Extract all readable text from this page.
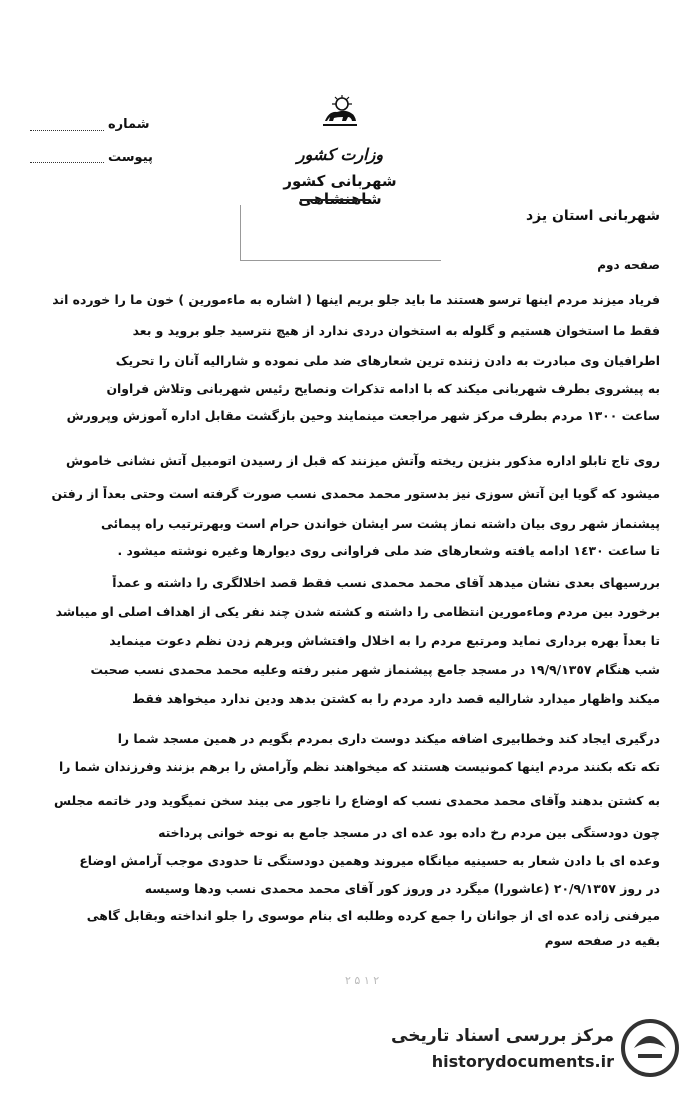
وزارت کشور
شهربانی کشور شاهنشاهی
شماره
پیوست
شهربانی استان یزد
صفحه دوم
فریاد میزند مردم اینها ترسو هستند ما باید جلو بریم اینها ( اشاره به ماءمورین ) خون ما را خورده اند
فقط ما استخوان هستیم و گلوله به استخوان دردی ندارد از هیچ نترسید جلو بروید و بعد
اطرافیان وی مبادرت به دادن زننده ترین شعارهای ضد ملی نموده و شاراليه آنان را تحریک
به پیشروی بطرف شهربانی میکند که با ادامه تذکرات ونصایح رئیس شهربانی وتلاش فراوان
ساعت ١٣٠٠ مردم بطرف مرکز شهر مراجعت مینمایند وحین بازگشت مقابل اداره آموزش وپرورش
روی تاج تابلو اداره مذکور بنزین ریخته وآتش میزنند که قبل از رسیدن اتومبیل آتش نشانی خاموش
میشود که گویا این آتش سوزی نیز بدستور محمد محمدی نسب صورت گرفته است وحتی بعداً از رفتن
پیشنماز شهر روی بیان داشته نماز پشت سر ایشان خواندن حرام است وبهرترتیب راه پیمائی
تا ساعت ١٤٣٠ ادامه یافته وشعارهای ضد ملی فراوانی روی دیوارها وغیره نوشته میشود .
بررسیهای بعدی نشان میدهد آقای محمد محمدی نسب فقط قصد اخلالگری را داشته و عمداً
برخورد بین مردم وماءمورین انتظامی را داشته و کشته شدن چند نفر یکی از اهداف اصلی او میباشد
تا بعداً بهره برداری نماید ومرتبع مردم را به اخلال وافتشاش وبرهم زدن نظم دعوت مینماید
شب هنگام ١٩/٩/١٣٥٧ در مسجد جامع پیشنماز شهر منبر رفته وعلیه محمد محمدی نسب صحبت
میکند واظهار میدارد شاراليه قصد دارد مردم را به کشتن بدهد ودین ندارد میخواهد فقط
درگیری ایجاد کند وخطابیری اضافه میکند دوست داری بمردم بگویم در همین مسجد شما را
تکه تکه بکنند مردم اینها کمونیست هستند که میخواهند نظم وآرامش را برهم بزنند وفرزندان شما را
به کشتن بدهند وآقای محمد محمدی نسب که اوضاع را ناجور می بیند سخن نمیگوید ودر خاتمه مجلس
چون دودستگی بین مردم رخ داده بود عده ای در مسجد جامع به نوحه خوانی پرداخته
وعده ای با دادن شعار به حسینیه میانگاه میروند وهمین دودستگی تا حدودی موجب آرامش اوضاع
در روز ٢٠/٩/١٣٥٧ (عاشورا) میگرد در وروز کور آقای محمد محمدی نسب ودها وسیسه
میرفنی زاده عده ای از جوانان را جمع کرده وطلبه ای بنام موسوی را جلو انداخته وبقابل گاهی
بقیه در صفحه سوم
٢ ۵ ٢ ١
مرکز بررسی اسناد تاریخی
historydocuments.ir
